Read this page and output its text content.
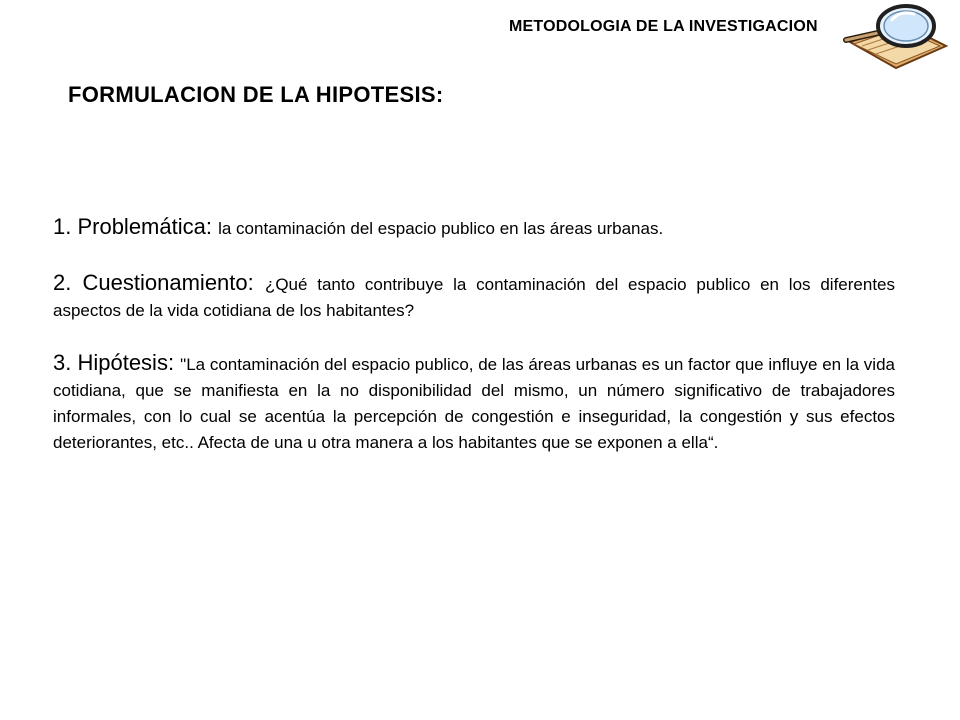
METODOLOGIA DE LA INVESTIGACION
FORMULACION DE LA HIPOTESIS:

1. Problemática: la contaminación del espacio publico en las áreas urbanas.

2. Cuestionamiento: ¿Qué tanto contribuye la contaminación del espacio publico en los diferentes aspectos de la vida cotidiana de los habitantes?

3. Hipótesis: "La contaminación del espacio publico, de las áreas urbanas es un factor que influye en la vida cotidiana, que se manifiesta en la no disponibilidad del mismo, un número significativo de trabajadores informales, con lo cual se acentúa la percepción de congestión e inseguridad, la congestión y sus efectos deteriorantes, etc.. Afecta de una u otra manera a los habitantes que se exponen a ella“.
